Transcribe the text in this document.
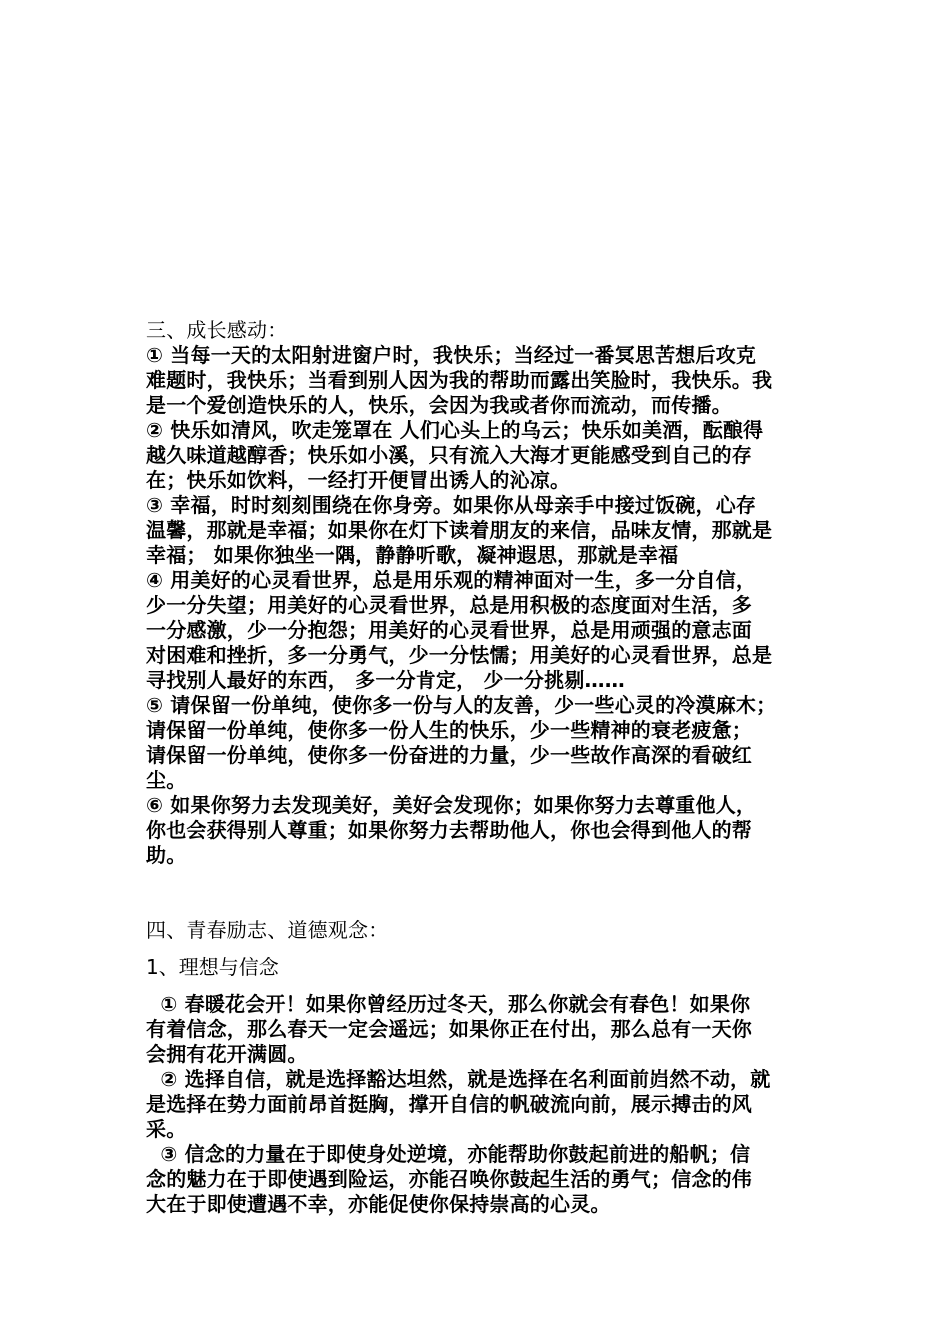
三、成长感动：
① 当每一天的太阳射进窗户时，我快乐；当经过一番冥思苦想后攻克
难题时，我快乐；当看到别人因为我的帮助而露出笑脸时，我快乐。我
是一个爱创造快乐的人，快乐，会因为我或者你而流动，而传播。
② 快乐如清风，吹走笼罩在 人们心头上的乌云；快乐如美酒，酝酿得
越久味道越醇香；快乐如小溪，只有流入大海才更能感受到自己的存
在；快乐如饮料，一经打开便冒出诱人的沁凉。
③ 幸福，时时刻刻围绕在你身旁。如果你从母亲手中接过饭碗，心存
温馨，那就是幸福；如果你在灯下读着朋友的来信，品味友情，那就是
幸福； 如果你独坐一隅，静静听歌，凝神遐思，那就是幸福
④ 用美好的心灵看世界，总是用乐观的精神面对一生，多一分自信，
少一分失望；用美好的心灵看世界，总是用积极的态度面对生活，多
一分感激，少一分抱怨；用美好的心灵看世界，总是用顽强的意志面
对困难和挫折，多一分勇气，少一分怯懦；用美好的心灵看世界，总是
寻找别人最好的东西， 多一分肯定， 少一分挑剔……
⑤ 请保留一份单纯，使你多一份与人的友善，少一些心灵的冷漠麻木；
请保留一份单纯，使你多一份人生的快乐，少一些精神的衰老疲惫；
请保留一份单纯，使你多一份奋进的力量，少一些故作高深的看破红
尘。
⑥ 如果你努力去发现美好，美好会发现你；如果你努力去尊重他人，
你也会获得别人尊重；如果你努力去帮助他人，你也会得到他人的帮
助。
四、青春励志、道德观念：
1、理想与信念
① 春暖花会开！如果你曾经历过冬天，那么你就会有春色！如果你
有着信念，那么春天一定会遥远；如果你正在付出，那么总有一天你
会拥有花开满圆。
② 选择自信，就是选择豁达坦然，就是选择在名利面前岿然不动，就
是选择在势力面前昂首挺胸，撑开自信的帆破流向前，展示搏击的风
采。
③ 信念的力量在于即使身处逆境，亦能帮助你鼓起前进的船帆；信
念的魅力在于即使遇到险运，亦能召唤你鼓起生活的勇气；信念的伟
大在于即使遭遇不幸，亦能促使你保持崇高的心灵。
